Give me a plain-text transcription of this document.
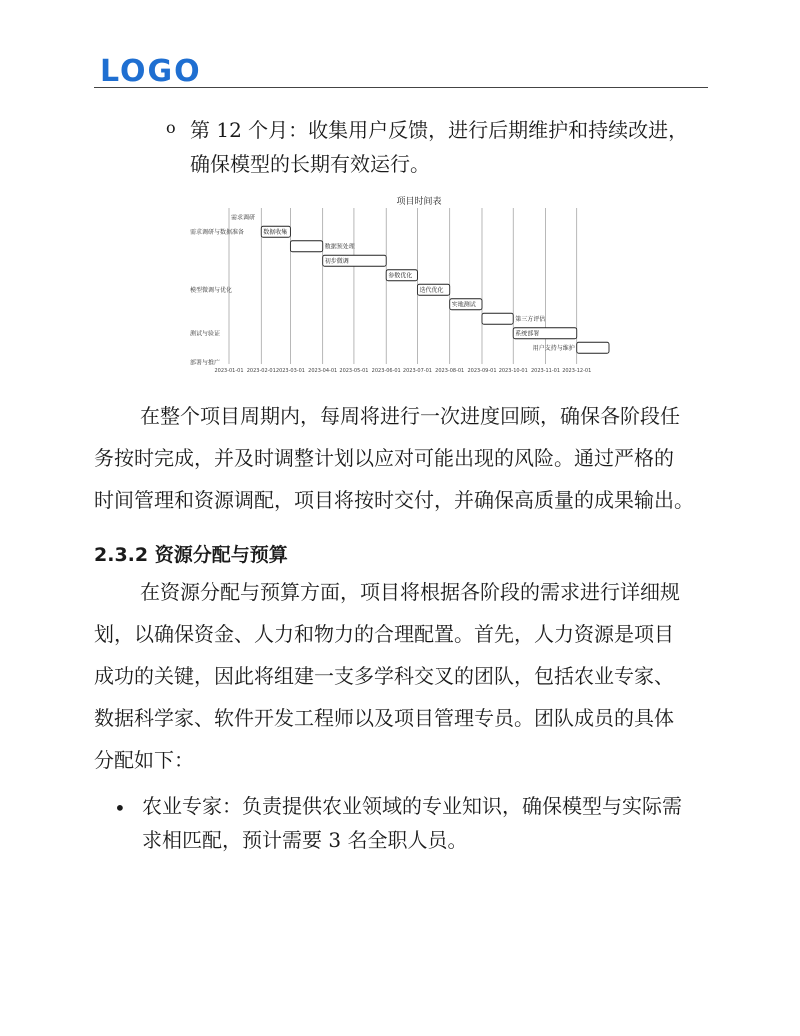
LOGO
o 第 12 个月：收集用户反馈，进行后期维护和持续改进，
确保模型的长期有效运行。
项目时间表
2023-01-01 2023-02-01 2023-03-01 2023-04-01 2023-05-01 2023-06-01 2023-07-01 2023-08-01 2023-09-01 2023-10-01 2023-11-01 2023-12-01
需求调研
需求调研与数据准备
模型微调与优化
测试与验证
部署与推广
数据收集
数据预处理
初步微调
参数优化
迭代优化
实地测试
第三方评估
系统部署
用户支持与维护
在整个项目周期内，每周将进行一次进度回顾，确保各阶段任
务按时完成，并及时调整计划以应对可能出现的风险。通过严格的
时间管理和资源调配，项目将按时交付，并确保高质量的成果输出。
2.3.2 资源分配与预算
在资源分配与预算方面，项目将根据各阶段的需求进行详细规
划，以确保资金、人力和物力的合理配置。首先，人力资源是项目
成功的关键，因此将组建一支多学科交叉的团队，包括农业专家、
数据科学家、软件开发工程师以及项目管理专员。团队成员的具体
分配如下：
• 农业专家：负责提供农业领域的专业知识，确保模型与实际需
求相匹配，预计需要 3 名全职人员。
